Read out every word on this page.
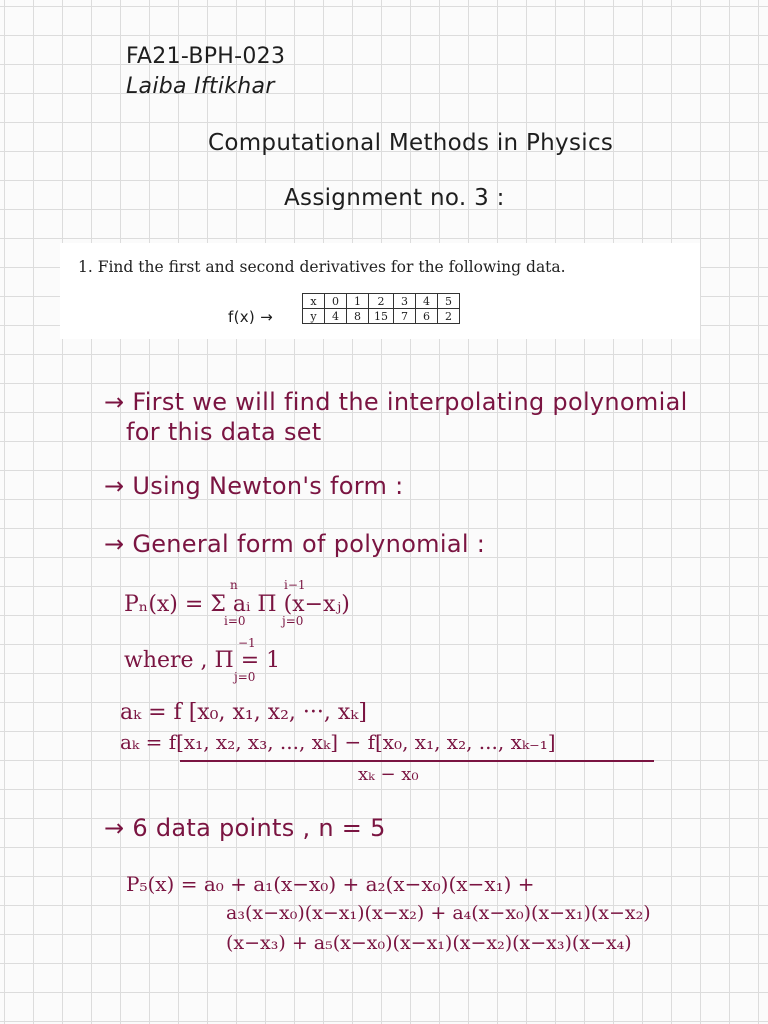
FA21-BPH-023
Laiba Iftikhar
Computational Methods in Physics
Assignment no. 3 :
1. Find the first and second derivatives for the following data.
f(x) →
x	0	1	2	3	4	5
y	4	8	15	7	6	2
→ First we will find the interpolating polynomial
for this data set
→ Using Newton's form :
→ General form of polynomial :
Pₙ(x) = Σ aᵢ Π (x−xⱼ)
n
i=0
i−1
j=0
where , Π = 1
−1
j=0
aₖ = f [x₀, x₁, x₂, ···, xₖ]
aₖ = f[x₁, x₂, x₃, ..., xₖ] − f[x₀, x₁, x₂, ..., xₖ₋₁]
xₖ − x₀
→ 6 data points , n = 5
P₅(x) = a₀ + a₁(x−x₀) + a₂(x−x₀)(x−x₁) +
a₃(x−x₀)(x−x₁)(x−x₂) + a₄(x−x₀)(x−x₁)(x−x₂)
(x−x₃) + a₅(x−x₀)(x−x₁)(x−x₂)(x−x₃)(x−x₄)
